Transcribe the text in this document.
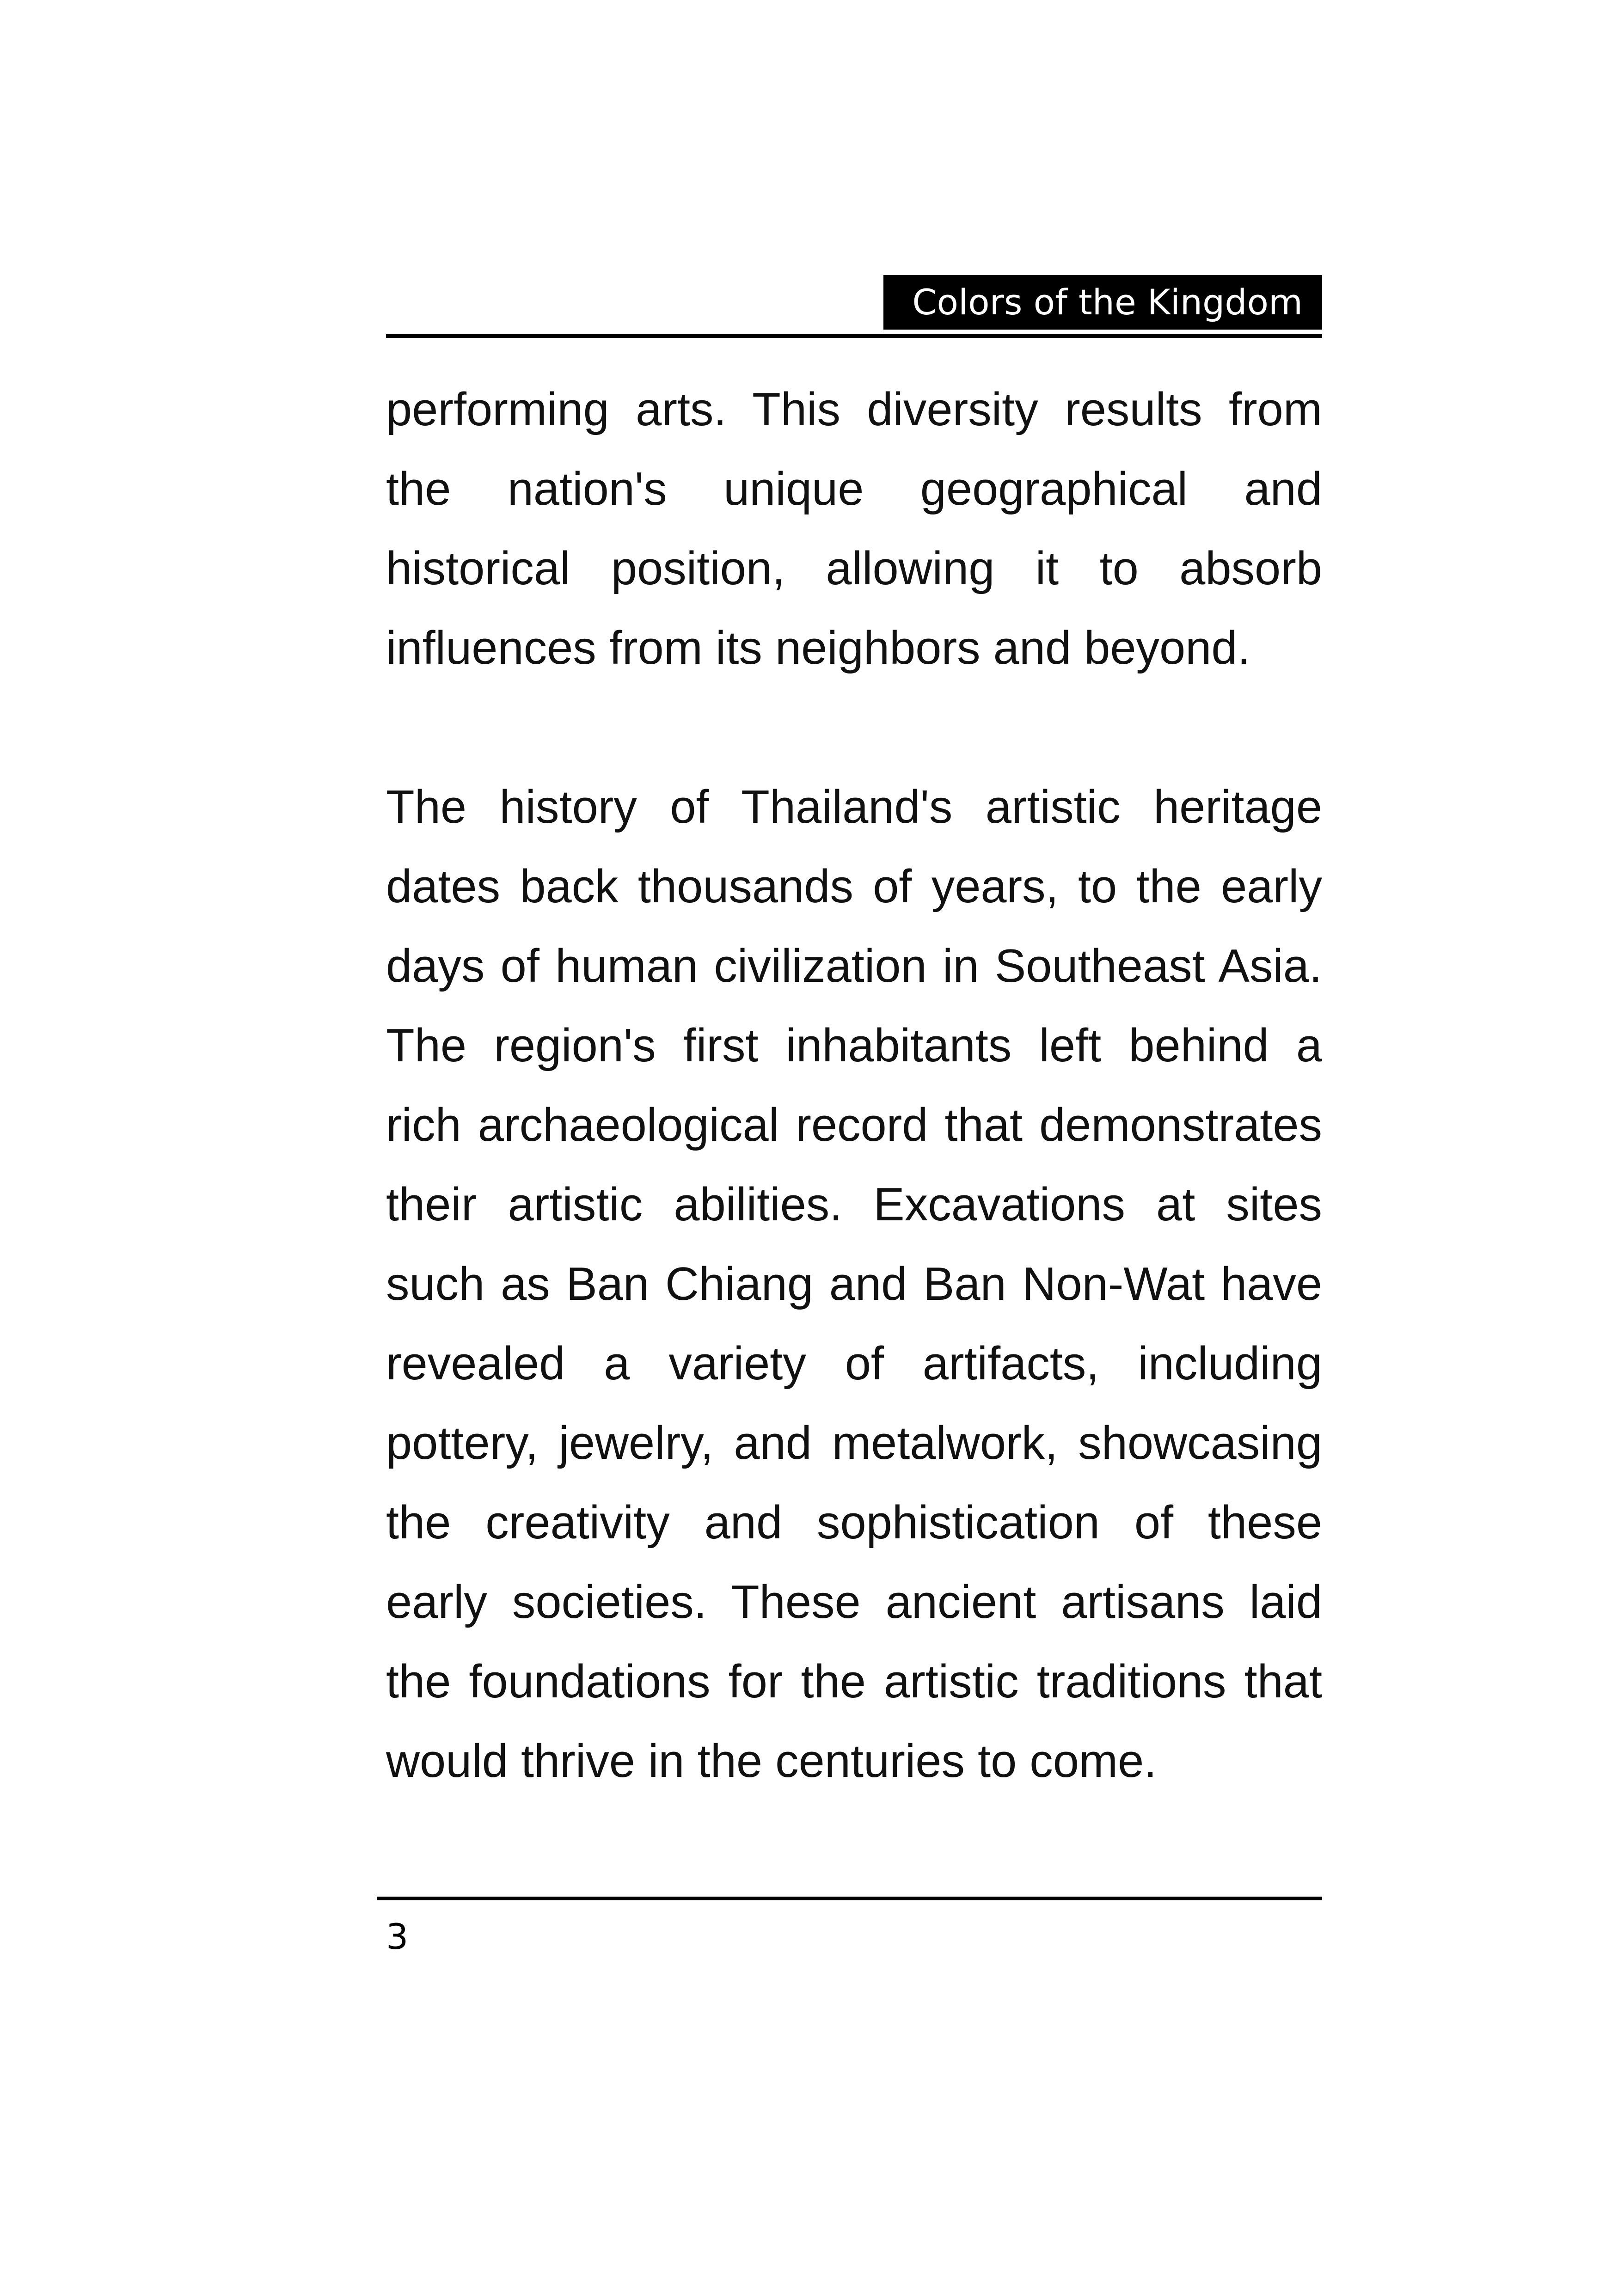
Colors of the Kingdom

performing arts. This diversity results from the nation's unique geographical and historical position, allowing it to absorb influences from its neighbors and beyond.

The history of Thailand's artistic heritage dates back thousands of years, to the early days of human civilization in Southeast Asia. The region's first inhabitants left behind a rich archaeological record that demonstrates their artistic abilities. Excavations at sites such as Ban Chiang and Ban Non-Wat have revealed a variety of artifacts, including pottery, jewelry, and metalwork, showcasing the creativity and sophistication of these early societies. These ancient artisans laid the foundations for the artistic traditions that would thrive in the centuries to come.

3
